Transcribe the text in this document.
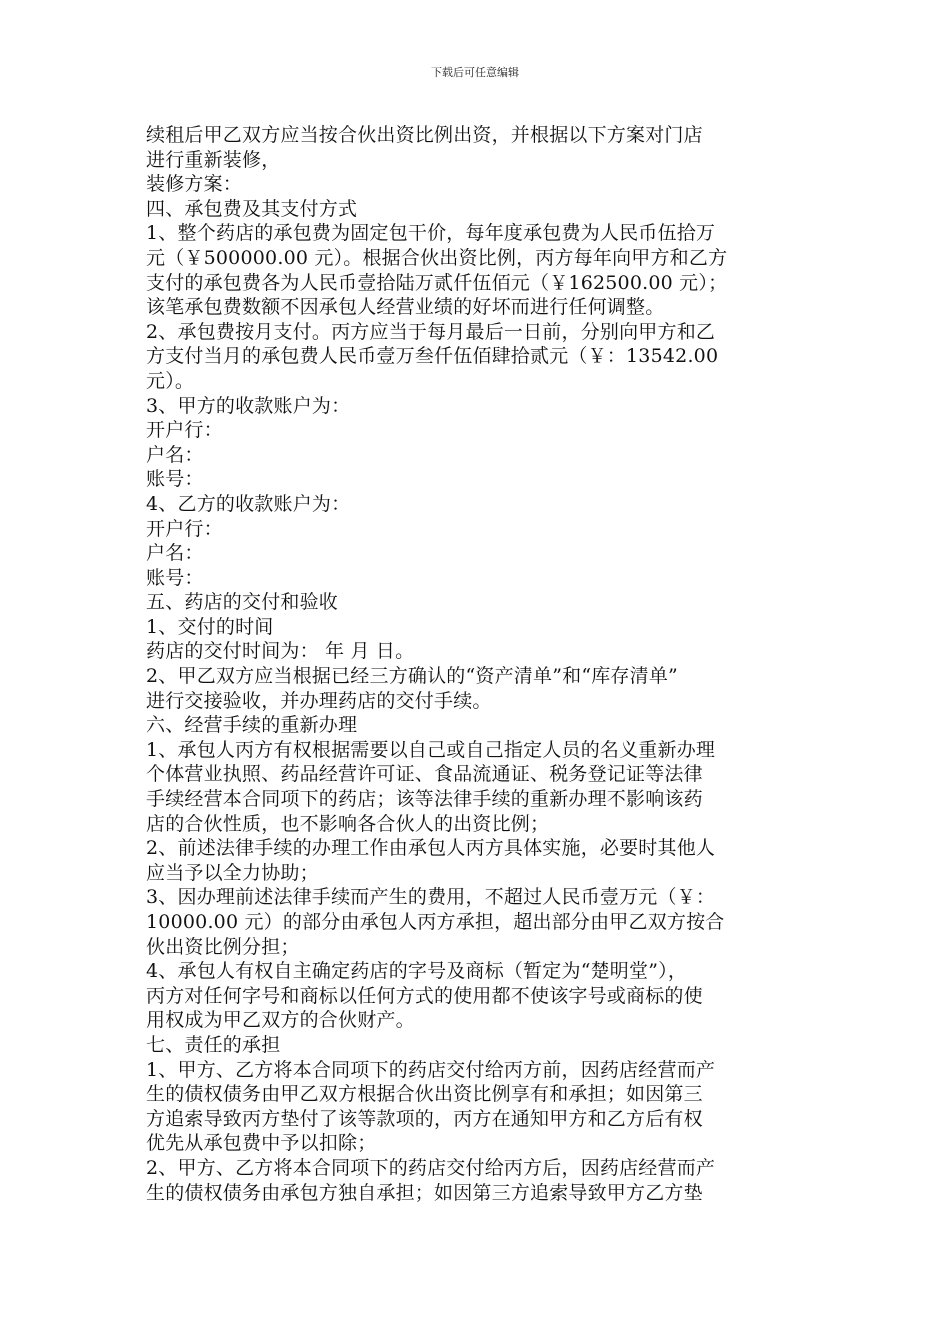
下载后可任意编辑
续租后甲乙双方应当按合伙出资比例出资，并根据以下方案对门店
进行重新装修，
装修方案：
四、承包费及其支付方式
1、整个药店的承包费为固定包干价，每年度承包费为人民币伍拾万
元（￥500000.00 元）。根据合伙出资比例，丙方每年向甲方和乙方
支付的承包费各为人民币壹拾陆万贰仟伍佰元（￥162500.00 元）；
该笔承包费数额不因承包人经营业绩的好坏而进行任何调整。
2、承包费按月支付。丙方应当于每月最后一日前，分别向甲方和乙
方支付当月的承包费人民币壹万叁仟伍佰肆拾贰元（￥：13542.00
元）。
3、甲方的收款账户为：
开户行：
户名：
账号：
4、乙方的收款账户为：
开户行：
户名：
账号：
五、药店的交付和验收
1、交付的时间
药店的交付时间为： 年 月 日。
2、甲乙双方应当根据已经三方确认的“资产清单”和“库存清单”
进行交接验收，并办理药店的交付手续。
六、经营手续的重新办理
1、承包人丙方有权根据需要以自己或自己指定人员的名义重新办理
个体营业执照、药品经营许可证、食品流通证、税务登记证等法律
手续经营本合同项下的药店；该等法律手续的重新办理不影响该药
店的合伙性质，也不影响各合伙人的出资比例；
2、前述法律手续的办理工作由承包人丙方具体实施，必要时其他人
应当予以全力协助；
3、因办理前述法律手续而产生的费用，不超过人民币壹万元（￥：
10000.00 元）的部分由承包人丙方承担，超出部分由甲乙双方按合
伙出资比例分担；
4、承包人有权自主确定药店的字号及商标（暂定为“楚明堂”），
丙方对任何字号和商标以任何方式的使用都不使该字号或商标的使
用权成为甲乙双方的合伙财产。
七、责任的承担
1、甲方、乙方将本合同项下的药店交付给丙方前，因药店经营而产
生的债权债务由甲乙双方根据合伙出资比例享有和承担；如因第三
方追索导致丙方垫付了该等款项的，丙方在通知甲方和乙方后有权
优先从承包费中予以扣除；
2、甲方、乙方将本合同项下的药店交付给丙方后，因药店经营而产
生的债权债务由承包方独自承担；如因第三方追索导致甲方乙方垫
